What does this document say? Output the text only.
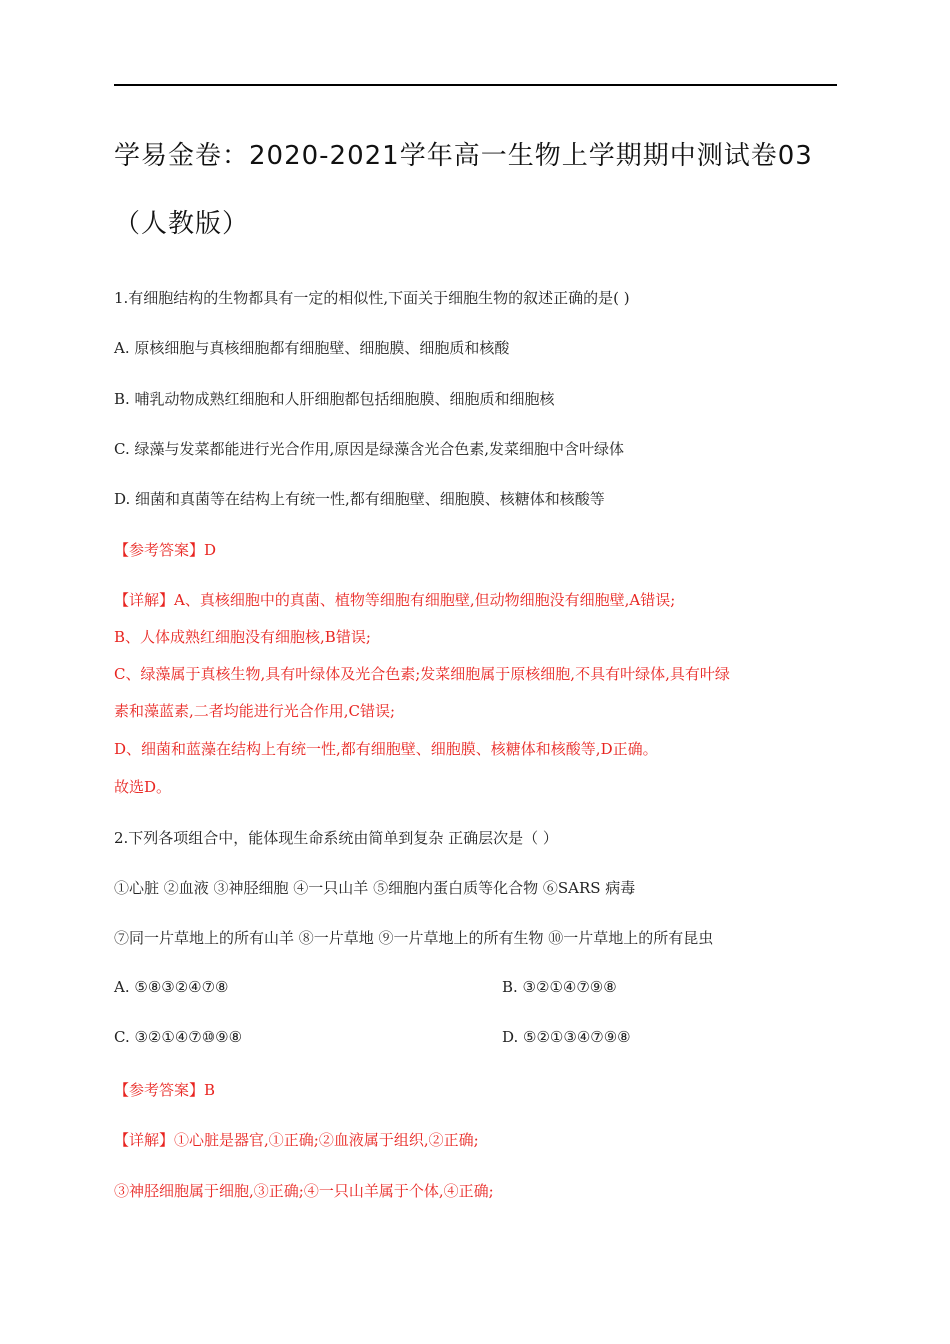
学易金卷：2020-2021学年高一生物上学期期中测试卷03（人教版）
1.有细胞结构的生物都具有一定的相似性,下面关于细胞生物的叙述正确的是( )
A. 原核细胞与真核细胞都有细胞壁、细胞膜、细胞质和核酸
B. 哺乳动物成熟红细胞和人肝细胞都包括细胞膜、细胞质和细胞核
C. 绿藻与发菜都能进行光合作用,原因是绿藻含光合色素,发菜细胞中含叶绿体
D. 细菌和真菌等在结构上有统一性,都有细胞壁、细胞膜、核糖体和核酸等
【参考答案】D
【详解】A、真核细胞中的真菌、植物等细胞有细胞壁,但动物细胞没有细胞壁,A错误;
B、人体成熟红细胞没有细胞核,B错误;
C、绿藻属于真核生物,具有叶绿体及光合色素;发菜细胞属于原核细胞,不具有叶绿体,具有叶绿
素和藻蓝素,二者均能进行光合作用,C错误;
D、细菌和蓝藻在结构上有统一性,都有细胞壁、细胞膜、核糖体和核酸等,D正确。
故选D。
2.下列各项组合中，能体现生命系统由简单到复杂 正确层次是（ ）
①心脏 ②血液 ③神胫细胞 ④一只山羊 ⑤细胞内蛋白质等化合物 ⑥SARS 病毒
⑦同一片草地上的所有山羊 ⑧一片草地 ⑨一片草地上的所有生物 ⑩一片草地上的所有昆虫
A. ⑤⑧③②④⑦⑧	B. ③②①④⑦⑨⑧
C. ③②①④⑦⑩⑨⑧	D. ⑤②①③④⑦⑨⑧
【参考答案】B
【详解】①心脏是器官,①正确;②血液属于组织,②正确;
③神胫细胞属于细胞,③正确;④一只山羊属于个体,④正确;
